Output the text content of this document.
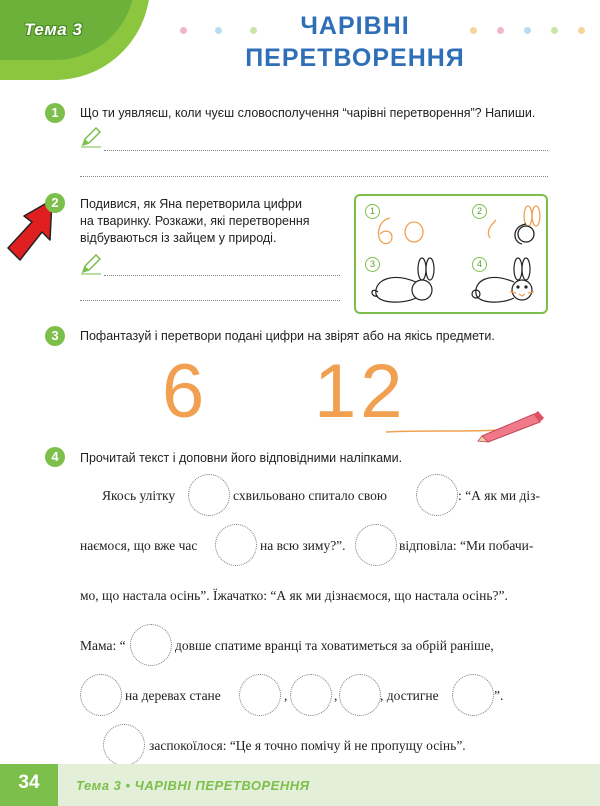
Тема 3	ЧАРІВНІ
ПЕРЕТВОРЕННЯ
1	Що ти уявляєш, коли чуєш словосполучення “чарівні перетворення”? Напиши.
2	Подивися, як Яна перетворила цифри
на тваринку. Розкажи, які перетворення
відбуваються із зайцем у природі.
1	2
3	4
3	Пофантазуй і перетвори подані цифри на звірят або на якісь предмети.
6 12
4	Прочитай текст і доповни його відповідними наліпками.
Якось улітку	схвильовано спитало свою	: “А як ми діз-
наємося, що вже час	на всю зиму?”.	відповіла: “Ми побачи-
мо, що настала осінь”. Їжачатко: “А як ми дізнаємося, що настала осінь?”.
Мама: “	довше спатиме вранці та ховатиметься за обрій раніше,
на деревах стане	,	,	, достигне	”.
заспокоїлося: “Це я точно помічу й не пропущу осінь”.
34	Тема 3 • ЧАРІВНІ ПЕРЕТВОРЕННЯ
